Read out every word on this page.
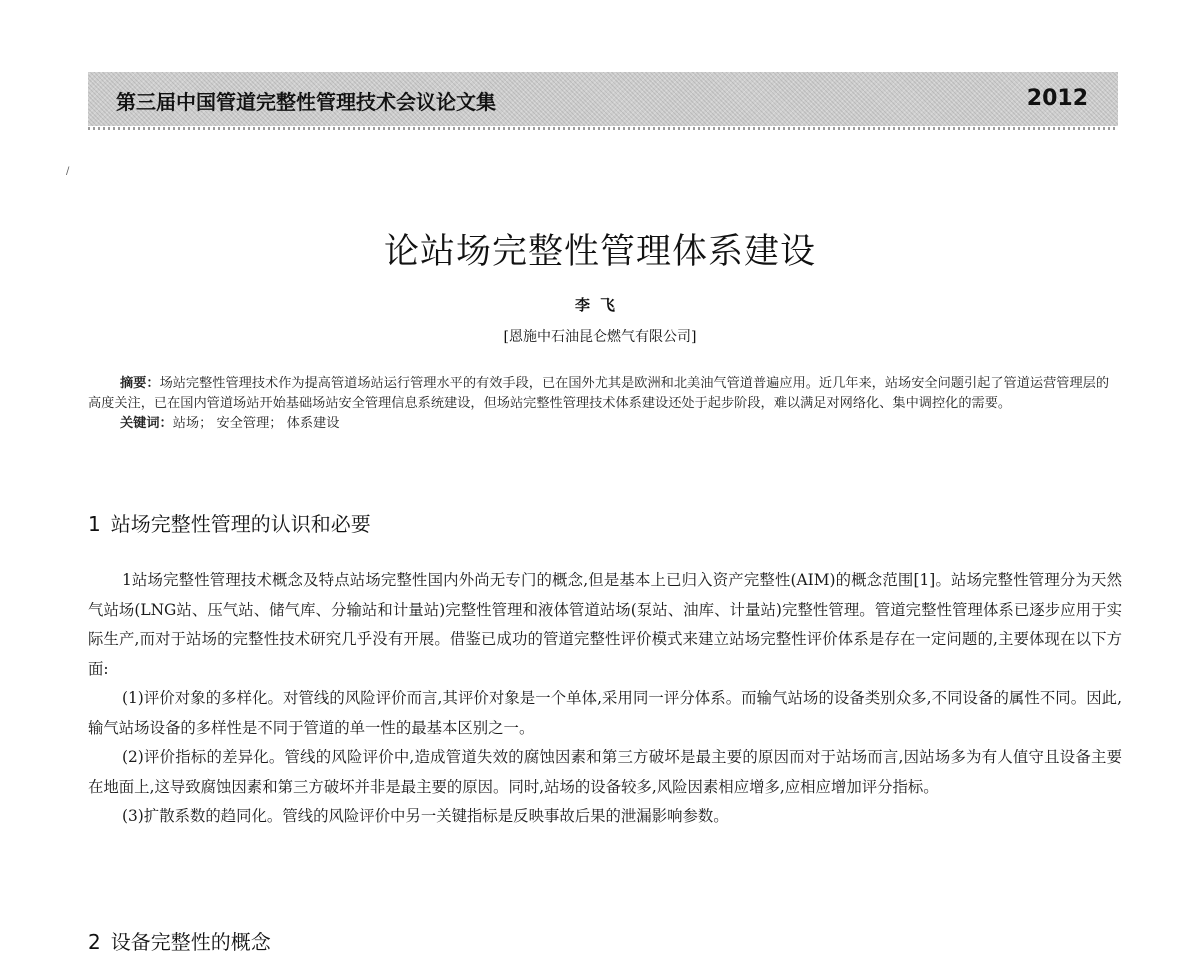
第三届中国管道完整性管理技术会议论文集	2012
/
论站场完整性管理体系建设
李飞
[恩施中石油昆仑燃气有限公司]

摘要：场站完整性管理技术作为提高管道场站运行管理水平的有效手段，已在国外尤其是欧洲和北美油气管道普遍应用。近几年来，站场安全问题引起了管道运营管理层的高度关注，已在国内管道场站开始基础场站安全管理信息系统建设，但场站完整性管理技术体系建设还处于起步阶段，难以满足对网络化、集中调控化的需要。

关键词：站场； 安全管理； 体系建设

1 站场完整性管理的认识和必要

1站场完整性管理技术概念及特点站场完整性国内外尚无专门的概念,但是基本上已归入资产完整性(AIM)的概念范围[1]。站场完整性管理分为天然气站场(LNG站、压气站、储气库、分输站和计量站)完整性管理和液体管道站场(泵站、油库、计量站)完整性管理。管道完整性管理体系已逐步应用于实际生产,而对于站场的完整性技术研究几乎没有开展。借鉴已成功的管道完整性评价模式来建立站场完整性评价体系是存在一定问题的,主要体现在以下方面:

(1)评价对象的多样化。对管线的风险评价而言,其评价对象是一个单体,采用同一评分体系。而输气站场的设备类别众多,不同设备的属性不同。因此,输气站场设备的多样性是不同于管道的单一性的最基本区别之一。

(2)评价指标的差异化。管线的风险评价中,造成管道失效的腐蚀因素和第三方破坏是最主要的原因而对于站场而言,因站场多为有人值守且设备主要在地面上,这导致腐蚀因素和第三方破坏并非是最主要的原因。同时,站场的设备较多,风险因素相应增多,应相应增加评分指标。

(3)扩散系数的趋同化。管线的风险评价中另一关键指标是反映事故后果的泄漏影响参数。

2 设备完整性的概念
